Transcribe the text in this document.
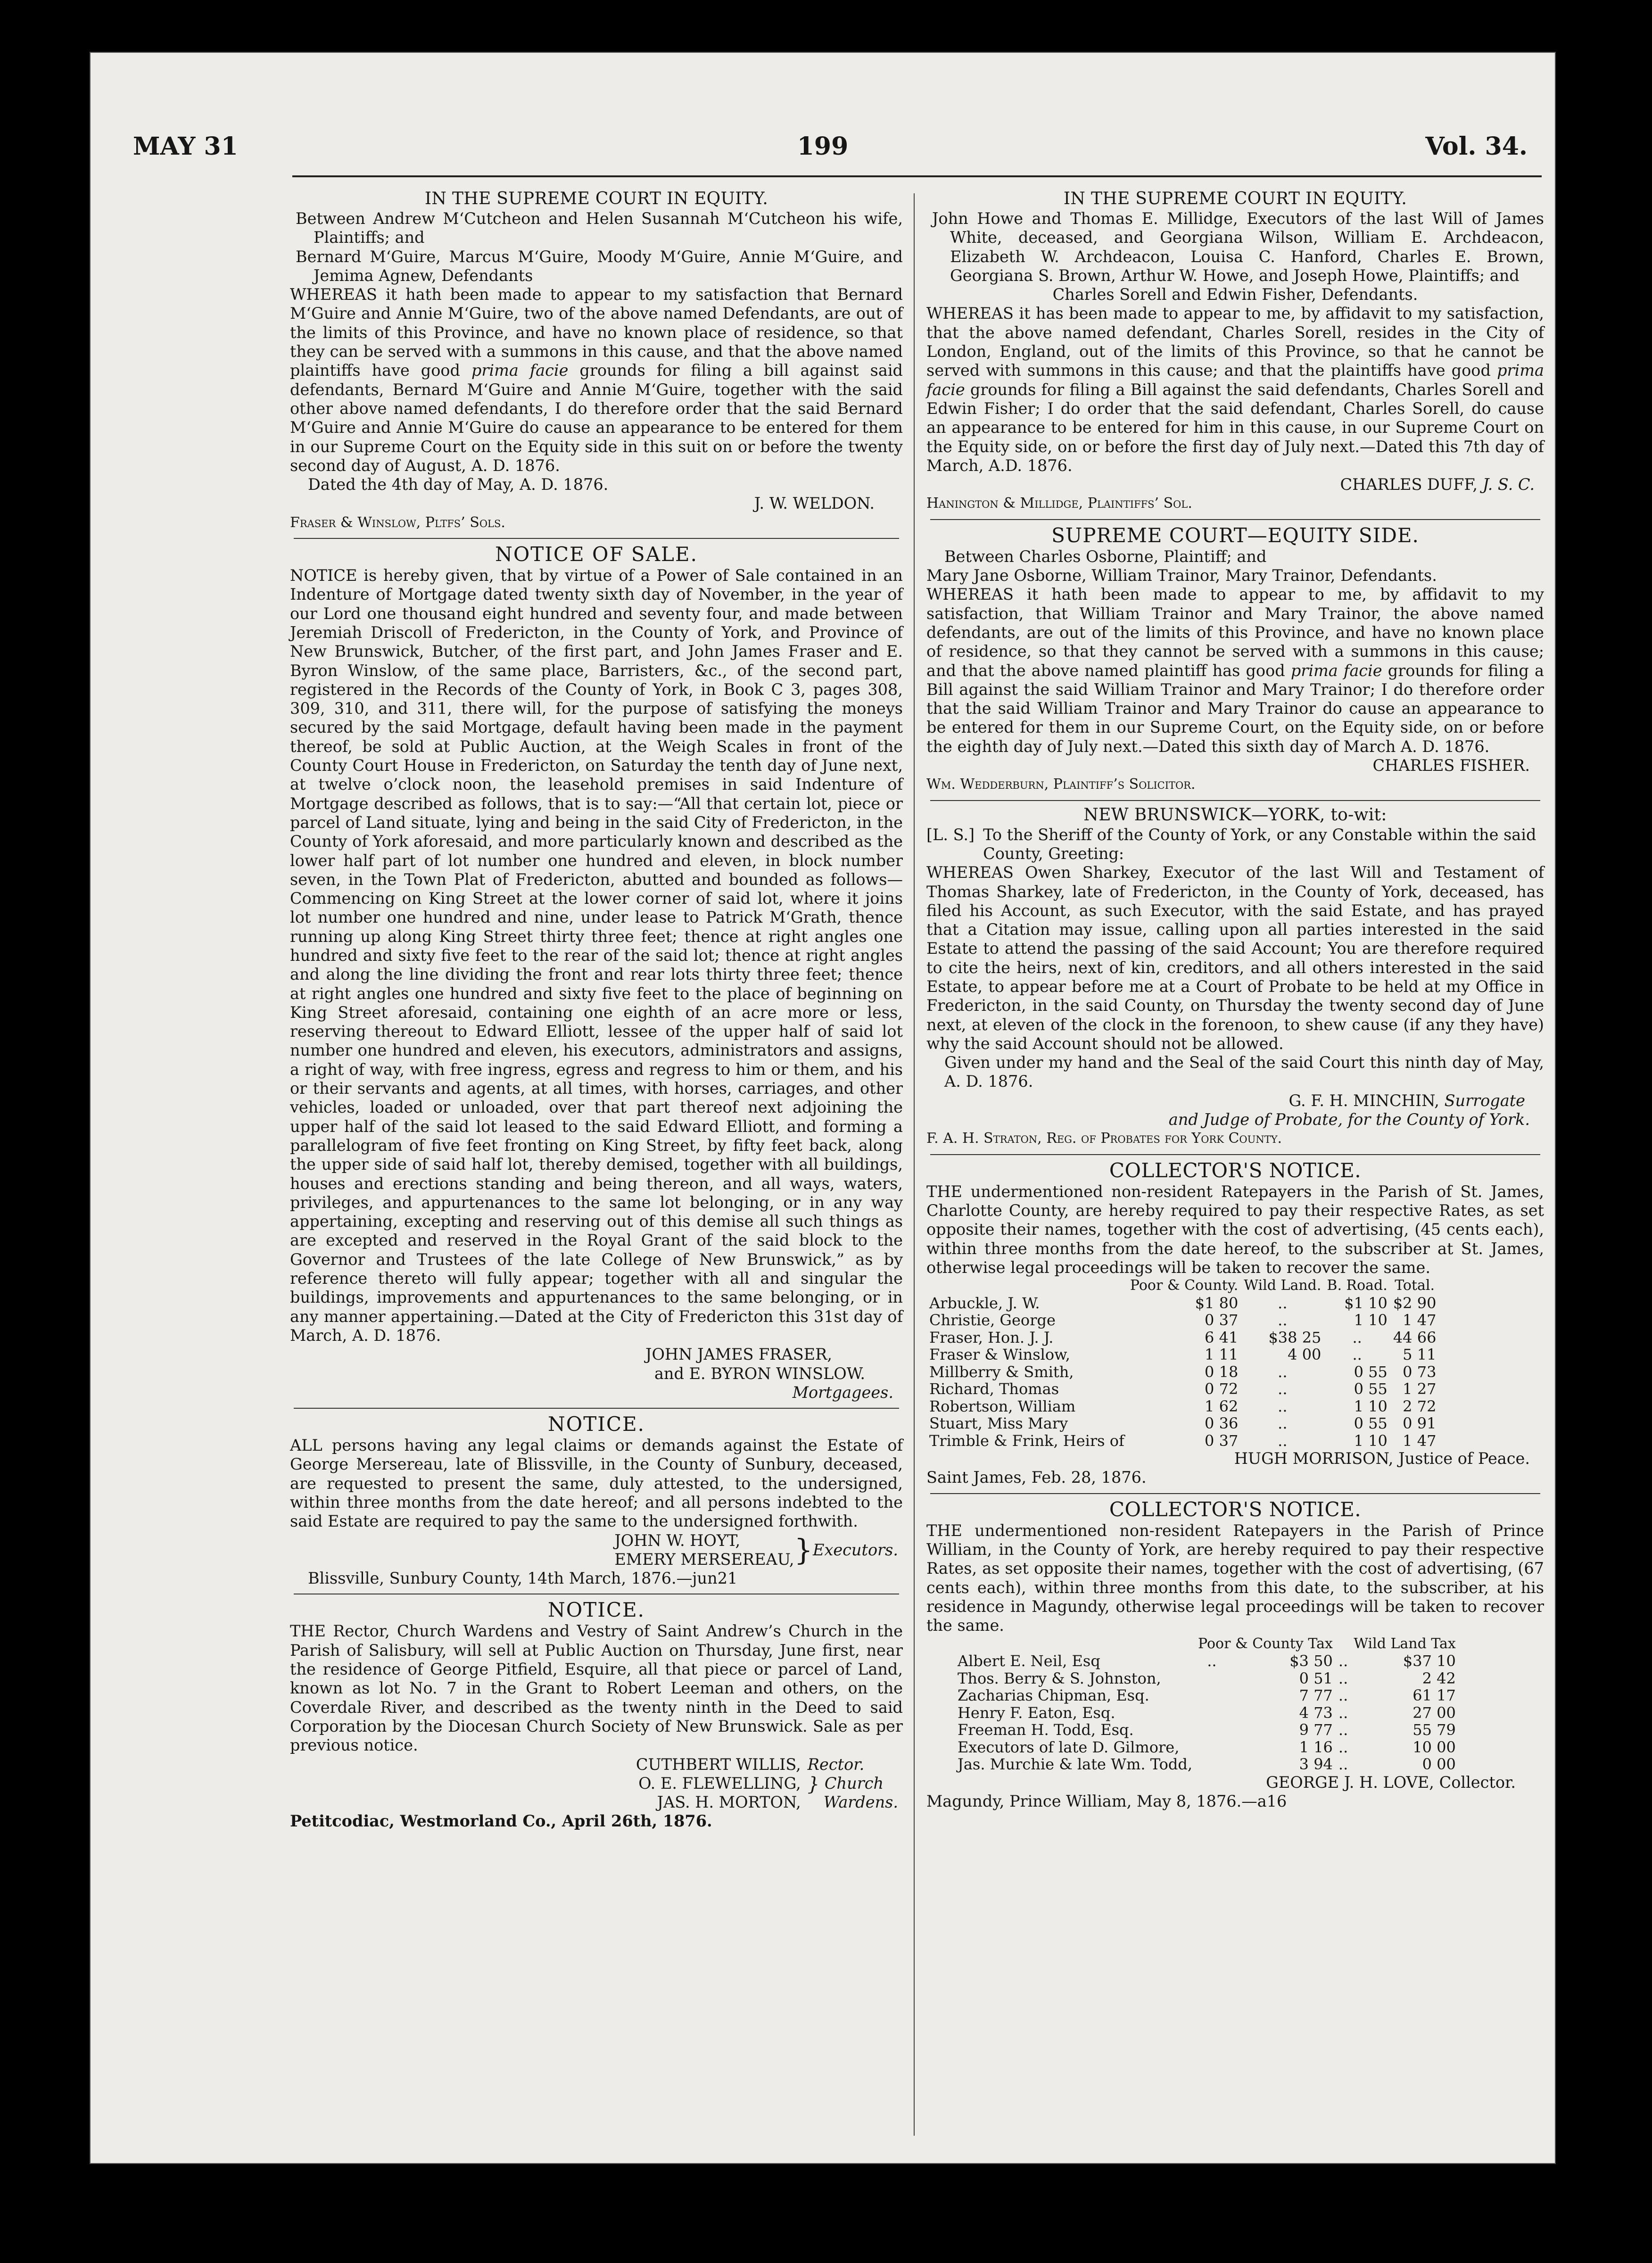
MAY 31	199	Vol. 34.
IN THE SUPREME COURT IN EQUITY.

Between Andrew M‘Cutcheon and Helen Susannah M‘Cutcheon his wife, Plaintiffs; and

Bernard M‘Guire, Marcus M‘Guire, Moody M‘Guire, Annie M‘Guire, and Jemima Agnew, Defendants

WHEREAS it hath been made to appear to my satisfaction that Bernard M‘Guire and Annie M‘Guire, two of the above named Defendants, are out of the limits of this Province, and have no known place of residence, so that they can be served with a summons in this cause, and that the above named plaintiffs have good prima facie grounds for filing a bill against said defendants, Bernard M‘Guire and Annie M‘Guire, together with the said other above named defendants, I do therefore order that the said Bernard M‘Guire and Annie M‘Guire do cause an appearance to be entered for them in our Supreme Court on the Equity side in this suit on or before the twenty second day of August, A. D. 1876.

Dated the 4th day of May, A. D. 1876.

J. W. WELDON.

Fraser & Winslow, Pltfs’ Sols.

NOTICE OF SALE.

NOTICE is hereby given, that by virtue of a Power of Sale contained in an Indenture of Mortgage dated twenty sixth day of November, in the year of our Lord one thousand eight hundred and seventy four, and made between Jeremiah Driscoll of Fredericton, in the County of York, and Province of New Brunswick, Butcher, of the first part, and John James Fraser and E. Byron Winslow, of the same place, Barristers, &c., of the second part, registered in the Records of the County of York, in Book C 3, pages 308, 309, 310, and 311, there will, for the purpose of satisfying the moneys secured by the said Mortgage, default having been made in the payment thereof, be sold at Public Auction, at the Weigh Scales in front of the County Court House in Fredericton, on Saturday the tenth day of June next, at twelve o’clock noon, the leasehold premises in said Indenture of Mortgage described as follows, that is to say:—“All that certain lot, piece or parcel of Land situate, lying and being in the said City of Fredericton, in the County of York aforesaid, and more particularly known and described as the lower half part of lot number one hundred and eleven, in block number seven, in the Town Plat of Fredericton, abutted and bounded as follows—Commencing on King Street at the lower corner of said lot, where it joins lot number one hundred and nine, under lease to Patrick M‘Grath, thence running up along King Street thirty three feet; thence at right angles one hundred and sixty five feet to the rear of the said lot; thence at right angles and along the line dividing the front and rear lots thirty three feet; thence at right angles one hundred and sixty five feet to the place of beginning on King Street aforesaid, containing one eighth of an acre more or less, reserving thereout to Edward Elliott, lessee of the upper half of said lot number one hundred and eleven, his executors, administrators and assigns, a right of way, with free ingress, egress and regress to him or them, and his or their servants and agents, at all times, with horses, carriages, and other vehicles, loaded or unloaded, over that part thereof next adjoining the upper half of the said lot leased to the said Edward Elliott, and forming a parallelogram of five feet fronting on King Street, by fifty feet back, along the upper side of said half lot, thereby demised, together with all buildings, houses and erections standing and being thereon, and all ways, waters, privileges, and appurtenances to the same lot belonging, or in any way appertaining, excepting and reserving out of this demise all such things as are excepted and reserved in the Royal Grant of the said block to the Governor and Trustees of the late College of New Brunswick,” as by reference thereto will fully appear; together with all and singular the buildings, improvements and appurtenances to the same belonging, or in any manner appertaining.—Dated at the City of Fredericton this 31st day of March, A. D. 1876.

JOHN JAMES FRASER,

and E. BYRON WINSLOW.

Mortgagees.

NOTICE.

ALL persons having any legal claims or demands against the Estate of George Mersereau, late of Blissville, in the County of Sunbury, deceased, are requested to present the same, duly attested, to the undersigned, within three months from the date hereof; and all persons indebted to the said Estate are required to pay the same to the undersigned forthwith.

JOHN W. HOYT,
EMERY MERSEREAU, } Executors.

Blissville, Sunbury County, 14th March, 1876.—jun21

NOTICE.

THE Rector, Church Wardens and Vestry of Saint Andrew’s Church in the Parish of Salisbury, will sell at Public Auction on Thursday, June first, near the residence of George Pitfield, Esquire, all that piece or parcel of Land, known as lot No. 7 in the Grant to Robert Leeman and others, on the Coverdale River, and described as the twenty ninth in the Deed to said Corporation by the Diocesan Church Society of New Brunswick. Sale as per previous notice.

CUTHBERT WILLIS,
O. E. FLEWELLING,
JAS. H. MORTON,
Rector.
} Church
Wardens.

Petitcodiac, Westmorland Co., April 26th, 1876.

IN THE SUPREME COURT IN EQUITY.

John Howe and Thomas E. Millidge, Executors of the last Will of James White, deceased, and Georgiana Wilson, William E. Archdeacon, Elizabeth W. Archdeacon, Louisa C. Hanford, Charles E. Brown, Georgiana S. Brown, Arthur W. Howe, and Joseph Howe, Plaintiffs; and

Charles Sorell and Edwin Fisher, Defendants.

WHEREAS it has been made to appear to me, by affidavit to my satisfaction, that the above named defendant, Charles Sorell, resides in the City of London, England, out of the limits of this Province, so that he cannot be served with summons in this cause; and that the plaintiffs have good prima facie grounds for filing a Bill against the said defendants, Charles Sorell and Edwin Fisher; I do order that the said defendant, Charles Sorell, do cause an appearance to be entered for him in this cause, in our Supreme Court on the Equity side, on or before the first day of July next.—Dated this 7th day of March, A.D. 1876.

CHARLES DUFF, J. S. C.

Hanington & Millidge, Plaintiffs’ Sol.

SUPREME COURT—EQUITY SIDE.

Between Charles Osborne, Plaintiff; and

Mary Jane Osborne, William Trainor, Mary Trainor, Defendants.

WHEREAS it hath been made to appear to me, by affidavit to my satisfaction, that William Trainor and Mary Trainor, the above named defendants, are out of the limits of this Province, and have no known place of residence, so that they cannot be served with a summons in this cause; and that the above named plaintiff has good prima facie grounds for filing a Bill against the said William Trainor and Mary Trainor; I do therefore order that the said William Trainor and Mary Trainor do cause an appearance to be entered for them in our Supreme Court, on the Equity side, on or before the eighth day of July next.—Dated this sixth day of March A. D. 1876.

CHARLES FISHER.

Wm. Wedderburn, Plaintiff’s Solicitor.

NEW BRUNSWICK—YORK, to-wit:
[L. S.] To the Sheriff of the County of York, or any Constable within the said County, Greeting:

WHEREAS Owen Sharkey, Executor of the last Will and Testament of Thomas Sharkey, late of Fredericton, in the County of York, deceased, has filed his Account, as such Executor, with the said Estate, and has prayed that a Citation may issue, calling upon all parties interested in the said Estate to attend the passing of the said Account; You are therefore required to cite the heirs, next of kin, creditors, and all others interested in the said Estate, to appear before me at a Court of Probate to be held at my Office in Fredericton, in the said County, on Thursday the twenty second day of June next, at eleven of the clock in the forenoon, to shew cause (if any they have) why the said Account should not be allowed.

Given under my hand and the Seal of the said Court this ninth day of May, A. D. 1876.

G. F. H. MINCHIN, Surrogate

and Judge of Probate, for the County of York.

F. A. H. Straton, Reg. of Probates for York County.

COLLECTOR'S NOTICE.

THE undermentioned non-resident Ratepayers in the Parish of St. James, Charlotte County, are hereby required to pay their respective Rates, as set opposite their names, together with the cost of advertising, (45 cents each), within three months from the date hereof, to the subscriber at St. James, otherwise legal proceedings will be taken to recover the same.

	Poor & County.	Wild Land.	B. Road.	Total.
Arbuckle, J. W.	$1 80	..	$1 10	$2 90
Christie, George	0 37	..	1 10	1 47
Fraser, Hon. J. J.	6 41	$38 25	..	44 66
Fraser & Winslow,	1 11	4 00	..	5 11
Millberry & Smith,	0 18	..	0 55	0 73
Richard, Thomas	0 72	..	0 55	1 27
Robertson, William	1 62	..	1 10	2 72
Stuart, Miss Mary	0 36	..	0 55	0 91
Trimble & Frink, Heirs of	0 37	..	1 10	1 47

HUGH MORRISON, Justice of Peace.

Saint James, Feb. 28, 1876.

COLLECTOR'S NOTICE.

THE undermentioned non-resident Ratepayers in the Parish of Prince William, in the County of York, are hereby required to pay their respective Rates, as set opposite their names, together with the cost of advertising, (67 cents each), within three months from this date, to the subscriber, at his residence in Magundy, otherwise legal proceedings will be taken to recover the same.

	Poor & County Tax			Wild Land Tax
Albert E. Neil, Esq	..	$3 50	..	$37 10
Thos. Berry & S. Johnston,		0 51	..	2 42
Zacharias Chipman, Esq.		7 77	..	61 17
Henry F. Eaton, Esq.		4 73	..	27 00
Freeman H. Todd, Esq.		9 77	..	55 79
Executors of late D. Gilmore,		1 16	..	10 00
Jas. Murchie & late Wm. Todd,		3 94	..	0 00

GEORGE J. H. LOVE, Collector.

Magundy, Prince William, May 8, 1876.—a16
